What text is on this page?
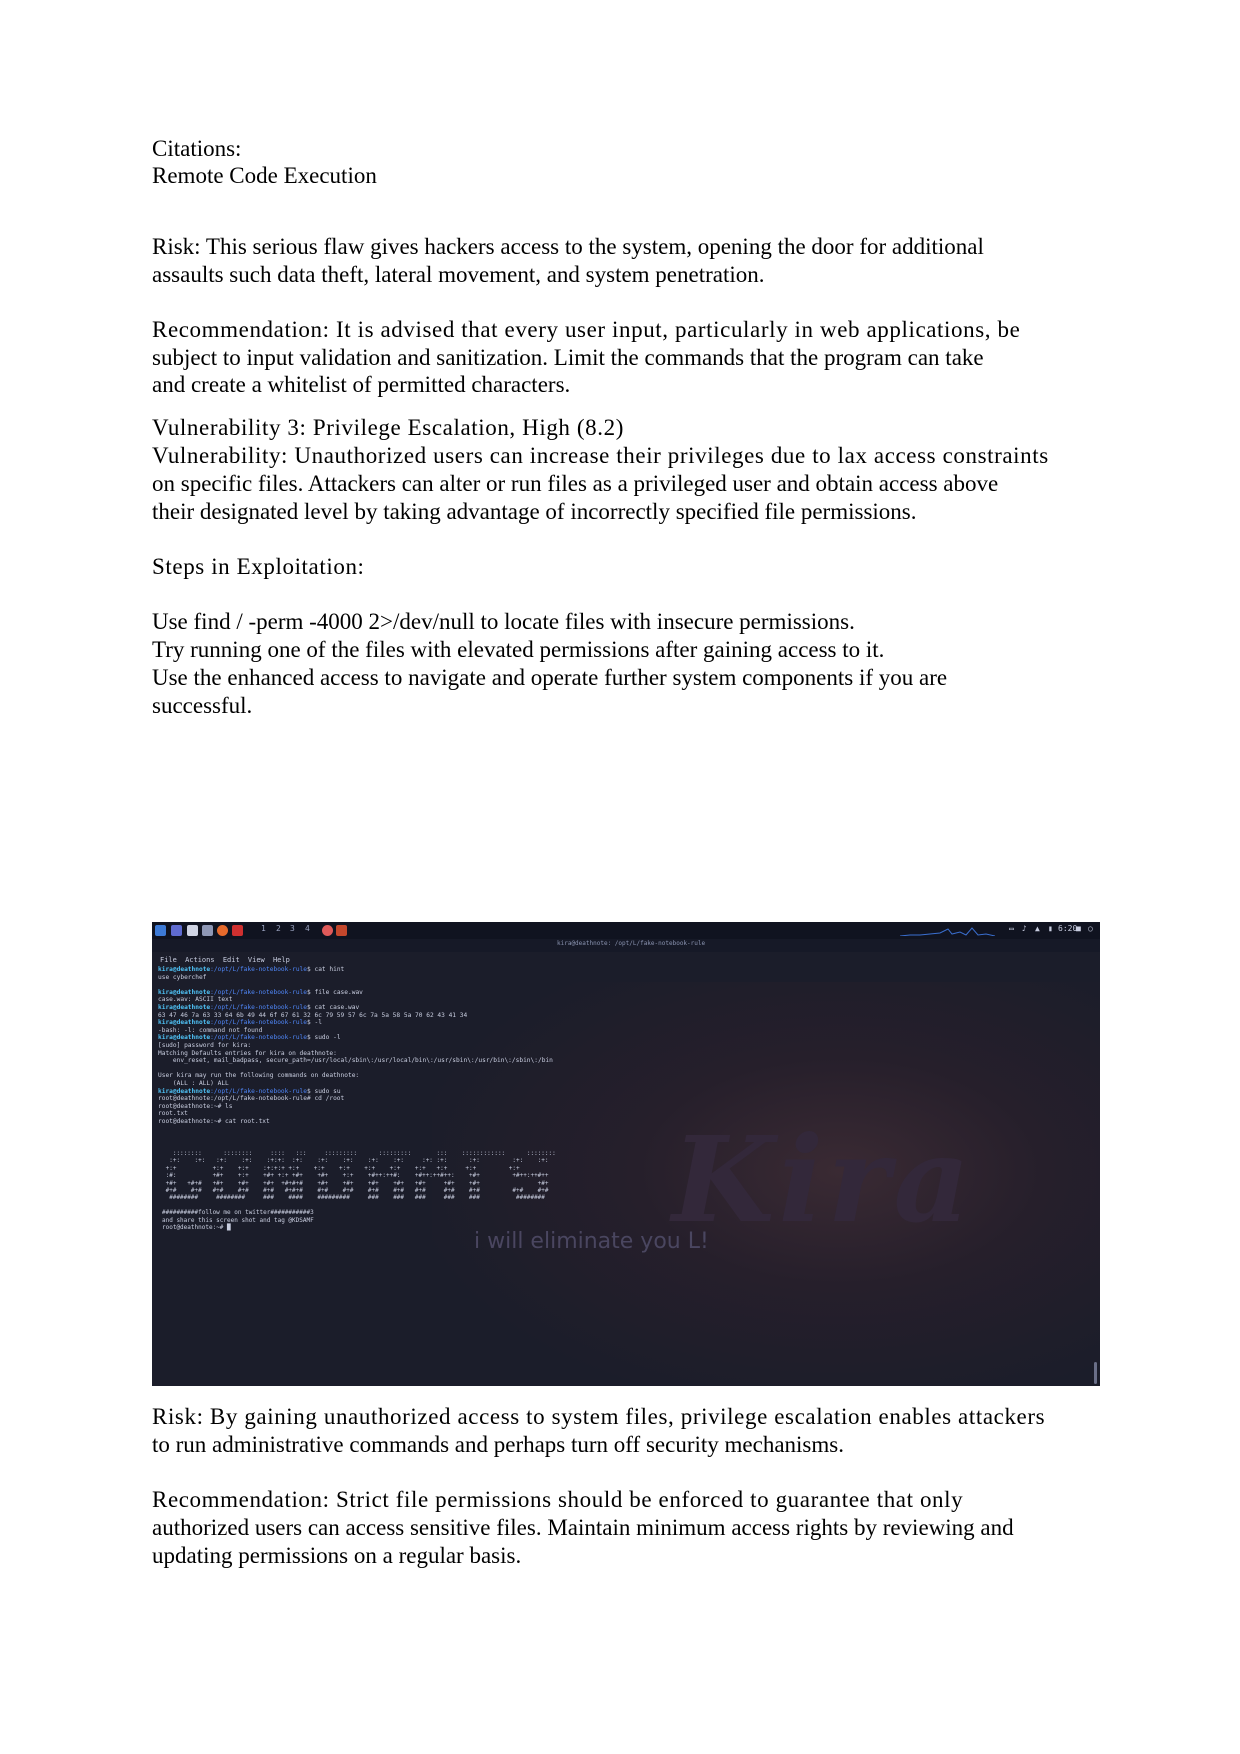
Citations:
Remote Code Execution
Risk: This serious flaw gives hackers access to the system, opening the door for additional
assaults such data theft, lateral movement, and system penetration.
Recommendation: It is advised that every user input, particularly in web applications, be
subject to input validation and sanitization. Limit the commands that the program can take
and create a whitelist of permitted characters.
Vulnerability 3: Privilege Escalation, High (8.2)
Vulnerability: Unauthorized users can increase their privileges due to lax access constraints
on specific files. Attackers can alter or run files as a privileged user and obtain access above
their designated level by taking advantage of incorrectly specified file permissions.
Steps in Exploitation:
Use find / -perm -4000 2>/dev/null to locate files with insecure permissions.
Try running one of the files with elevated permissions after gaining access to it.
Use the enhanced access to navigate and operate further system components if you are
successful.
Risk: By gaining unauthorized access to system files, privilege escalation enables attackers
to run administrative commands and perhaps turn off security mechanisms.
Recommendation: Strict file permissions should be enforced to guarantee that only
authorized users can access sensitive files. Maintain minimum access rights by reviewing and
updating permissions on a regular basis.
Kira
i will eliminate you L!
1 2 3 4	▭ ♪ ▲ ▮ 6:20
■ ○
kira@deathnote: /opt/L/fake-notebook-rule
File Actions Edit View Help
kira@deathnote:/opt/L/fake-notebook-rule$ cat hint
use cyberchef

kira@deathnote:/opt/L/fake-notebook-rule$ file case.wav
case.wav: ASCII text
kira@deathnote:/opt/L/fake-notebook-rule$ cat case.wav
63 47 46 7a 63 33 64 6b 49 44 6f 67 61 32 6c 79 59 57 6c 7a 5a 58 5a 70 62 43 41 34
kira@deathnote:/opt/L/fake-notebook-rule$ -l
-bash: -l: command not found
kira@deathnote:/opt/L/fake-notebook-rule$ sudo -l
[sudo] password for kira:
Matching Defaults entries for kira on deathnote:
env_reset, mail_badpass, secure_path=/usr/local/sbin\:/usr/local/bin\:/usr/sbin\:/usr/bin\:/sbin\:/bin

User kira may run the following commands on deathnote:
(ALL : ALL) ALL
kira@deathnote:/opt/L/fake-notebook-rule$ sudo su
root@deathnote:/opt/L/fake-notebook-rule# cd /root
root@deathnote:~# ls
root.txt
root@deathnote:~# cat root.txt
::::::::      ::::::::     ::::   :::     :::::::::      :::::::::       :::    ::::::::::::      ::::::::
:+:    :+:   :+:    :+:    :+:+:  :+:    :+:    :+:    :+:    :+:     :+: :+:      :+:         :+:    :+:
+:+          +:+    +:+    :+:+:+ +:+    +:+    +:+    +:+    +:+    +:+   +:+     +:+         +:+
:#:          +#+    +:+    +#+ +:+ +#+    +#+    +:+    +#++:++#:    +#++:++#++:    +#+         +#++:++#++
+#+   +#+#   +#+    +#+    +#+  +#+#+#    +#+    +#+    +#+    +#+   +#+     +#+    +#+                +#+
#+#    #+#   #+#    #+#    #+#   #+#+#    #+#    #+#    #+#    #+#   #+#     #+#    #+#         #+#    #+#
########     ########     ###    ####    #########     ###    ###   ###     ###    ###          ########

##########follow me on twitter###########3
and share this screen shot and tag @KDSAMF
root@deathnote:~# █
